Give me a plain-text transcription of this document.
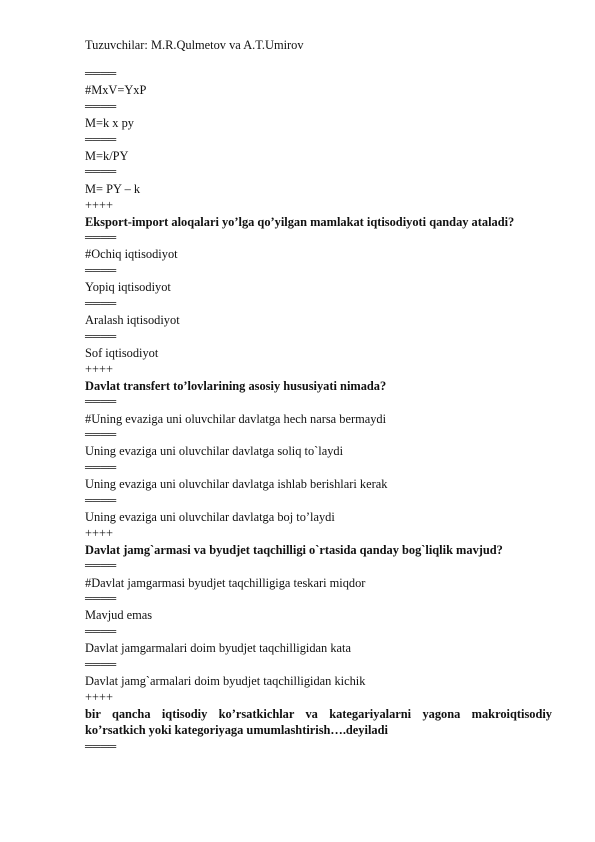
Tuzuvchilar: M.R.Qulmetov va A.T.Umirov
════
#MxV=YxP
════
M=k x py
════
M=k/PY
════
M= PY – k
++++
Eksport-import aloqalari yo’lga qo’yilgan mamlakat iqtisodiyoti qanday ataladi?
════
#Ochiq iqtisodiyot
════
Yopiq iqtisodiyot
════
Aralash iqtisodiyot
════
Sof iqtisodiyot
++++
Davlat transfert to’lovlarining asosiy hususiyati nimada?
════
#Uning evaziga uni oluvchilar davlatga hech narsa bermaydi
════
Uning evaziga uni oluvchilar davlatga soliq to`laydi
════
Uning evaziga uni oluvchilar davlatga ishlab berishlari kerak
════
Uning evaziga uni oluvchilar davlatga boj to’laydi
++++
Davlat jamg`armasi va byudjet taqchilligi o`rtasida qanday bog`liqlik mavjud?
════
#Davlat jamgarmasi byudjet taqchilligiga teskari miqdor
════
Mavjud emas
════
Davlat jamgarmalari doim byudjet taqchilligidan kata
════
Davlat jamg`armalari doim byudjet taqchilligidan kichik
++++
bir qancha iqtisodiy ko’rsatkichlar va kategariyalarni yagona makroiqtisodiy ko’rsatkich yoki kategoriyaga umumlashtirish….deyiladi
════
